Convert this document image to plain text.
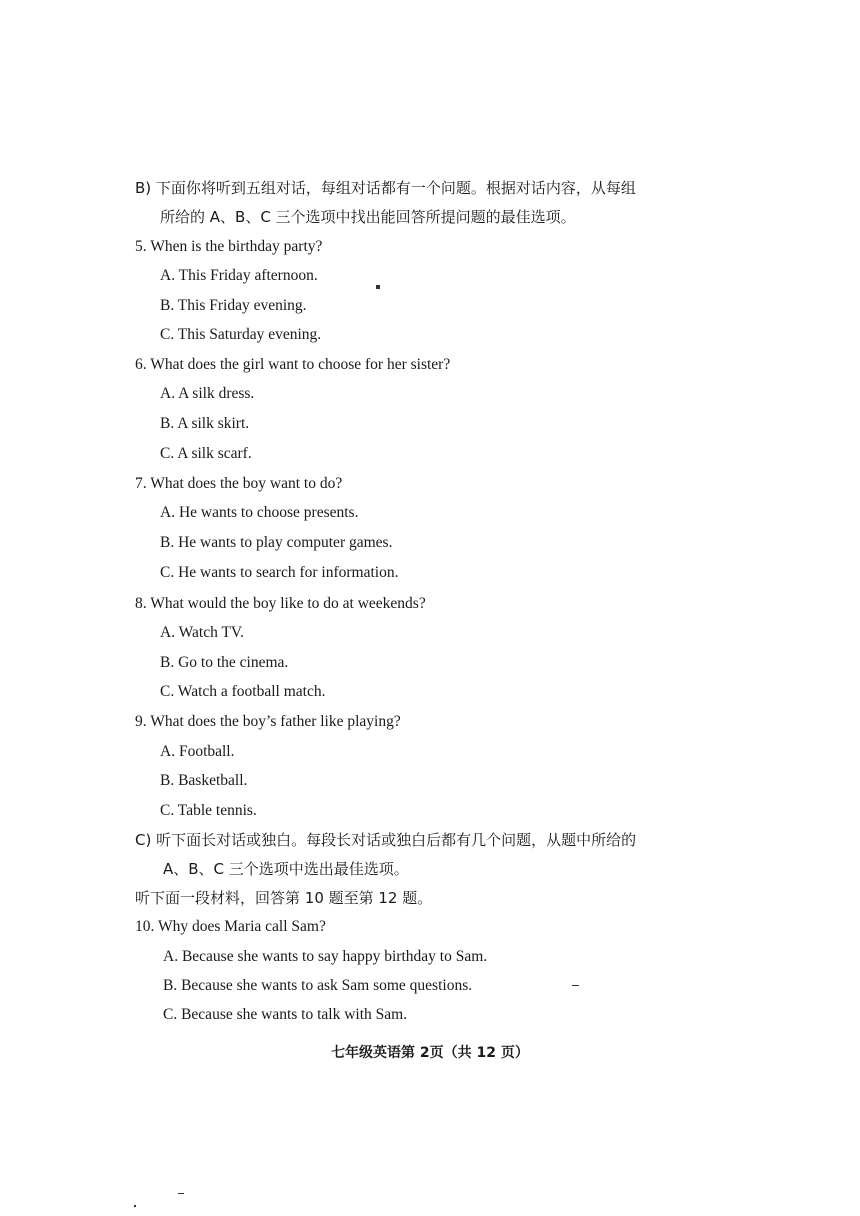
B) 下面你将听到五组对话，每组对话都有一个问题。根据对话内容，从每组
所给的 A、B、C 三个选项中找出能回答所提问题的最佳选项。
5. When is the birthday party?
A. This Friday afternoon.
B. This Friday evening.
C. This Saturday evening.
6. What does the girl want to choose for her sister?
A. A silk dress.
B. A silk skirt.
C. A silk scarf.
7. What does the boy want to do?
A. He wants to choose presents.
B. He wants to play computer games.
C. He wants to search for information.
8. What would the boy like to do at weekends?
A. Watch TV.
B. Go to the cinema.
C. Watch a football match.
9. What does the boy’s father like playing?
A. Football.
B. Basketball.
C. Table tennis.
C) 听下面长对话或独白。每段长对话或独白后都有几个问题，从题中所给的
A、B、C 三个选项中选出最佳选项。
听下面一段材料，回答第 10 题至第 12 题。
10. Why does Maria call Sam?
A. Because she wants to say happy birthday to Sam.
B. Because she wants to ask Sam some questions.
C. Because she wants to talk with Sam.
七年级英语第 2页（共 12 页）
